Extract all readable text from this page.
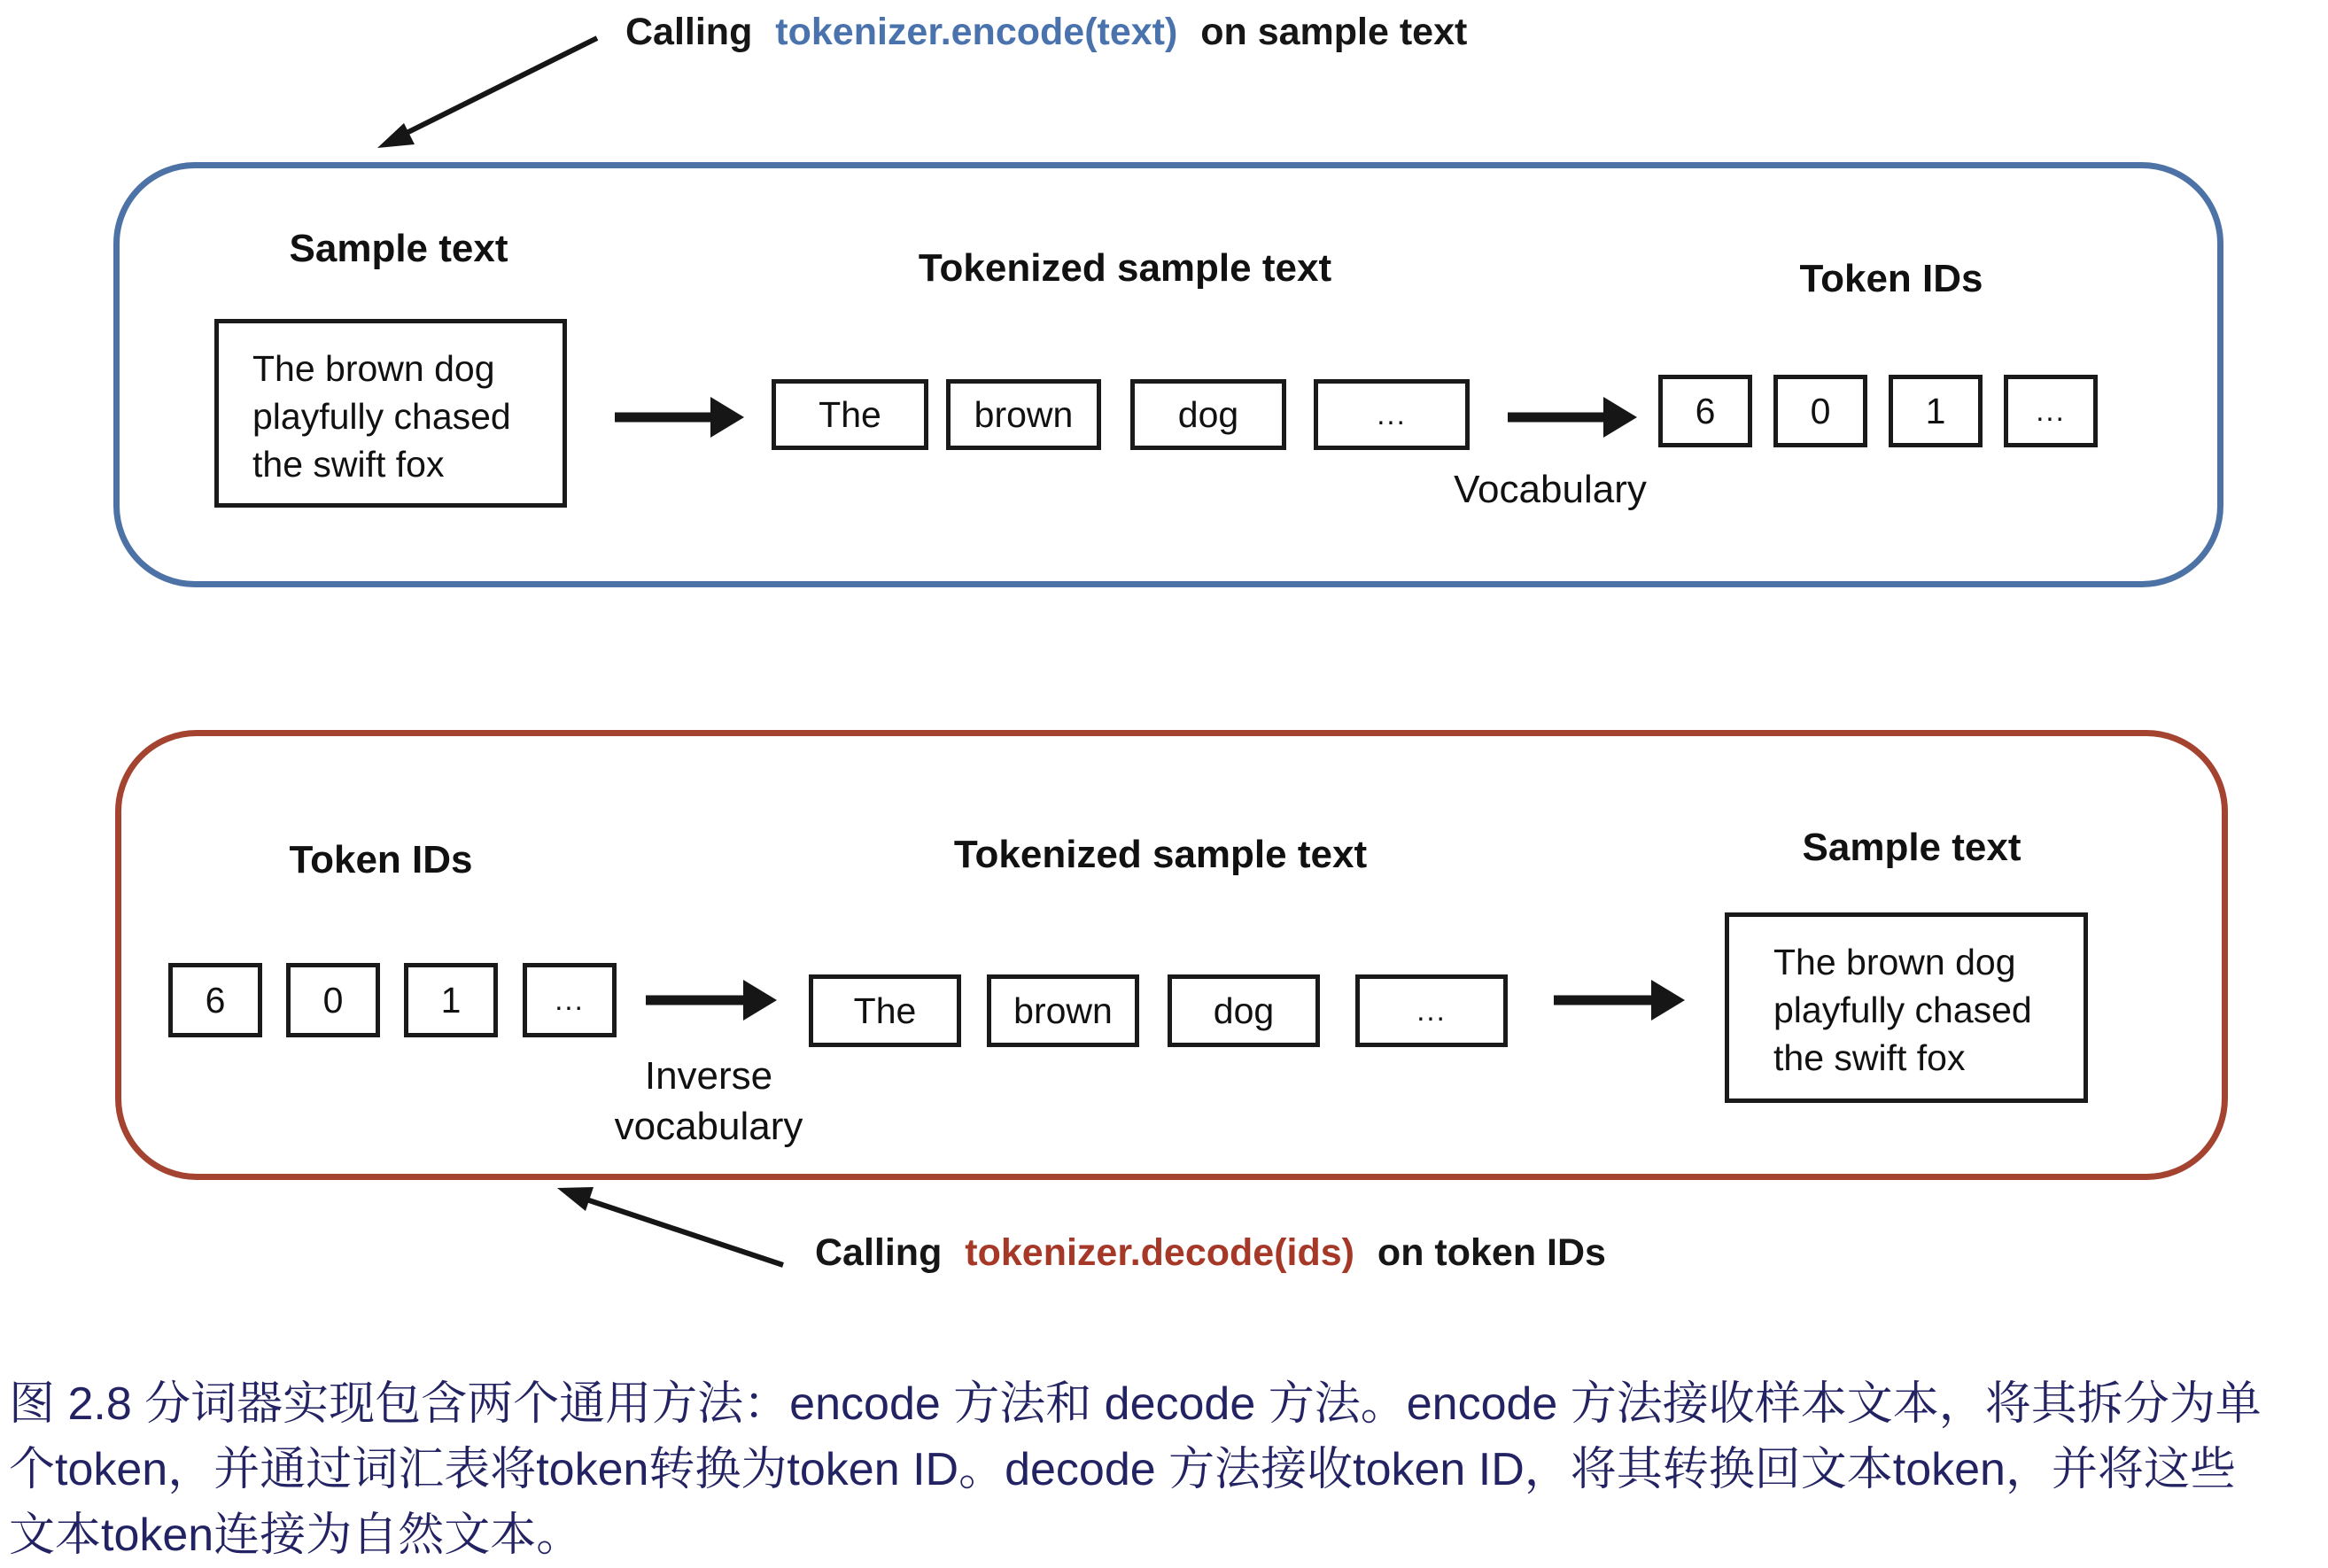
Calling tokenizer.encode(text) on sample text
Sample text
The brown dog playfully chased the swift fox
Tokenized sample text
The	brown	dog	...
Vocabulary
Token IDs
6	0	1	...
Token IDs
6	0	1	...
Inverse
vocabulary
Tokenized sample text
The	brown	dog	...
Sample text
The brown dog playfully chased the swift fox
Calling tokenizer.decode(ids) on token IDs
图 2.8 分词器实现包含两个通用方法：encode 方法和 decode 方法。encode 方法接收样本文本，将其拆分为单
个token，并通过词汇表将token转换为token ID。decode 方法接收token ID，将其转换回文本token，并将这些
文本token连接为自然文本。
